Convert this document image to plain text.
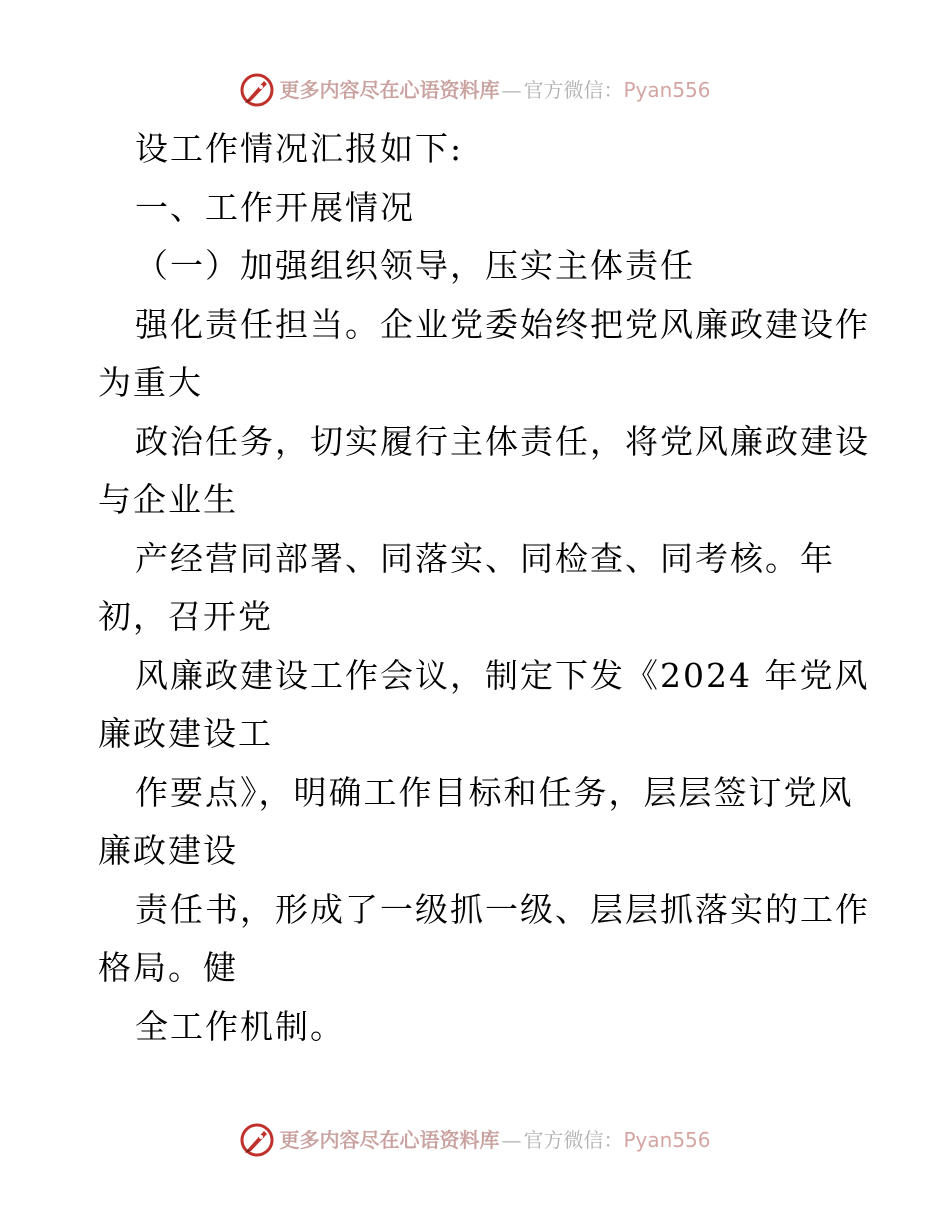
更多内容尽在心语资料库 — 官方微信： Pyan556
设工作情况汇报如下:
一、工作开展情况
（一）加强组织领导，压实主体责任
强化责任担当。企业党委始终把党风廉政建设作
为重大
政治任务，切实履行主体责任，将党风廉政建设
与企业生
产经营同部署、同落实、同检查、同考核。年
初，召开党
风廉政建设工作会议，制定下发《2024 年党风
廉政建设工
作要点》，明确工作目标和任务，层层签订党风
廉政建设
责任书，形成了一级抓一级、层层抓落实的工作
格局。健
全工作机制。
更多内容尽在心语资料库 — 官方微信： Pyan556
